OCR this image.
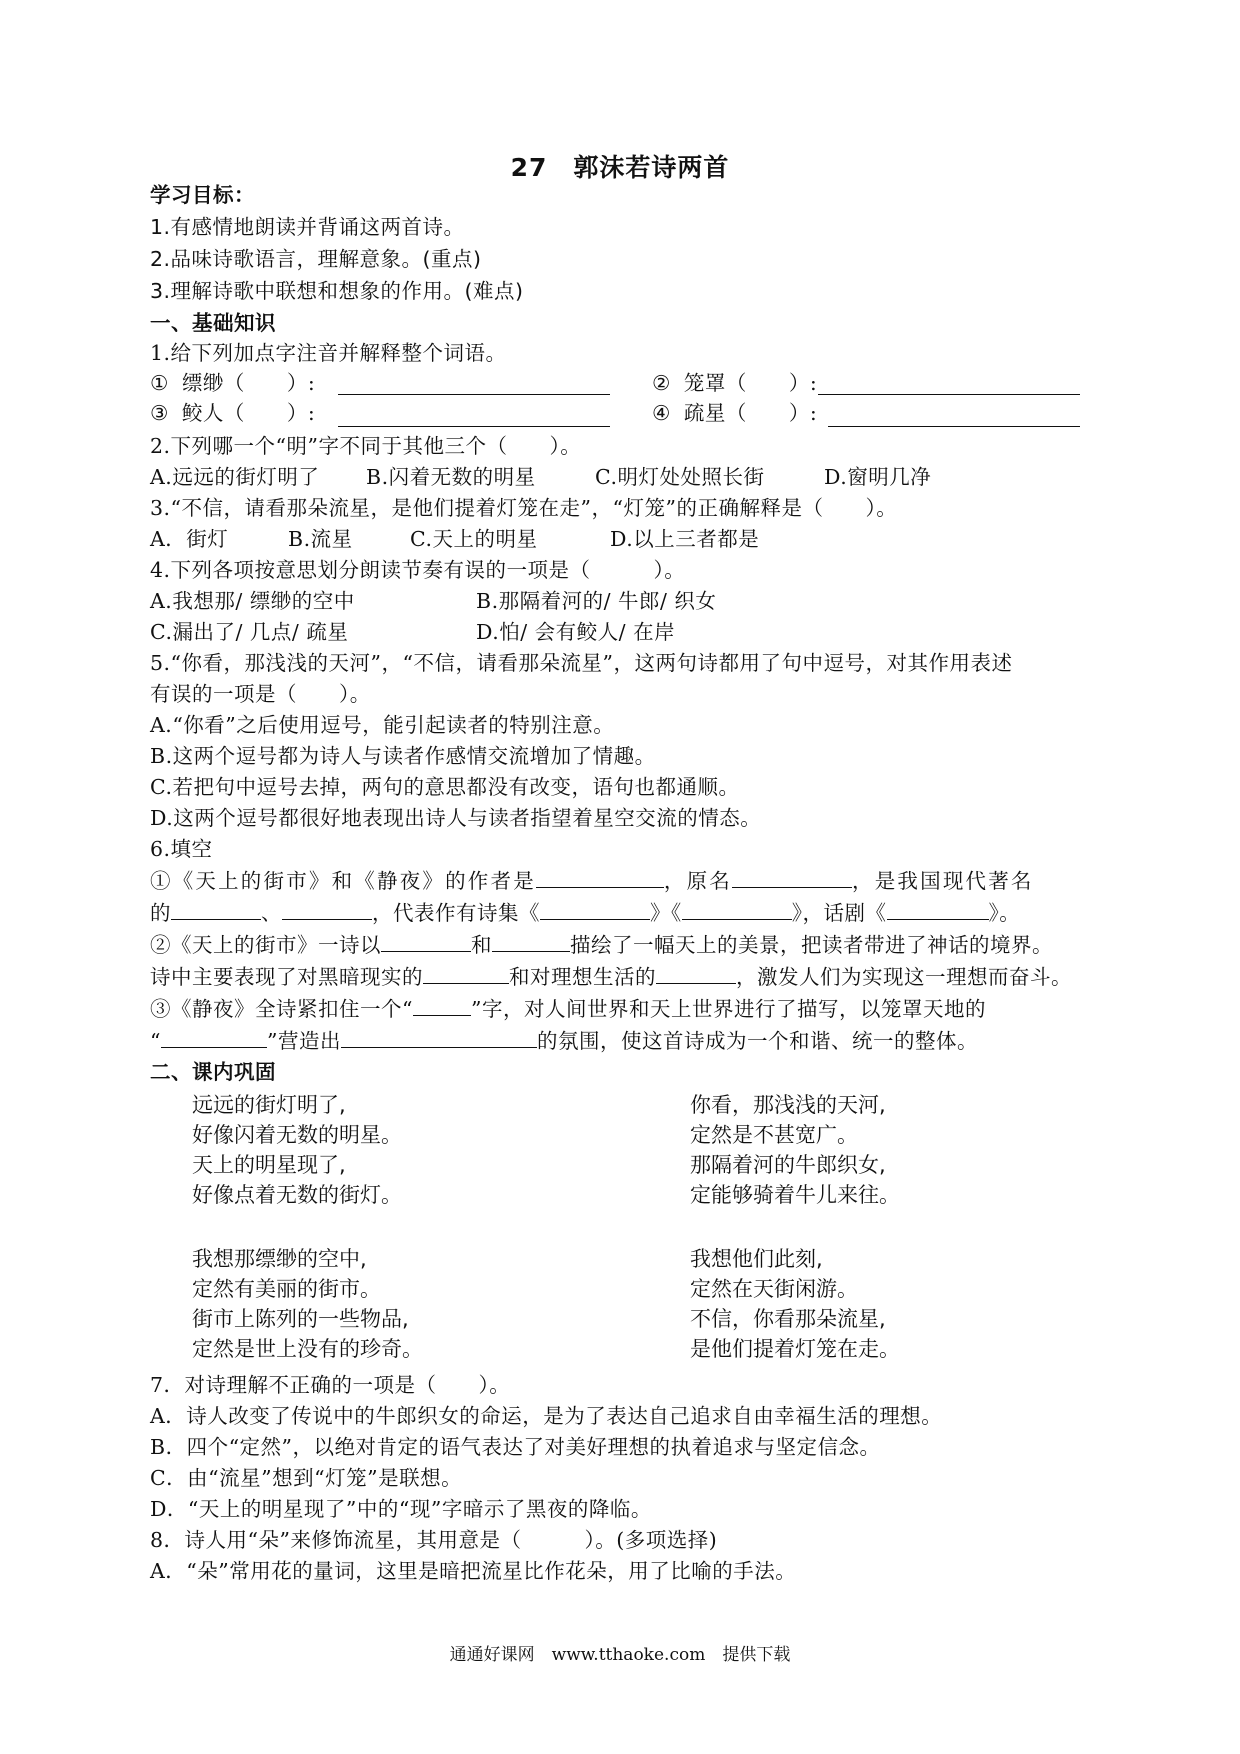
27　郭沫若诗两首
学习目标：
1.有感情地朗读并背诵这两首诗。
2.品味诗歌语言，理解意象。(重点)
3.理解诗歌中联想和想象的作用。(难点)
一、基础知识
1.给下列加点字注音并解释整个词语。
① 缥缈（　　）:	② 笼罩（　　）:
③ 鲛人（　　）:	④ 疏星（　　）:
2.下列哪一个“明”字不同于其他三个（　　）。
A.远远的街灯明了 B.闪着无数的明星	C.明灯处处照长街	D.窗明几净
3.“不信，请看那朵流星，是他们提着灯笼在走”，“灯笼”的正确解释是（　　）。
A．街灯	B.流星	C.天上的明星	D.以上三者都是
4.下列各项按意思划分朗读节奏有误的一项是（　　　）。
A.我想那/ 缥缈的空中	B.那隔着河的/ 牛郎/ 织女
C.漏出了/ 几点/ 疏星	D.怕/ 会有鲛人/ 在岸
5.“你看，那浅浅的天河”，“不信，请看那朵流星”，这两句诗都用了句中逗号，对其作用表述
有误的一项是（　　）。
A.“你看”之后使用逗号，能引起读者的特别注意。
B.这两个逗号都为诗人与读者作感情交流增加了情趣。
C.若把句中逗号去掉，两句的意思都没有改变，语句也都通顺。
D.这两个逗号都很好地表现出诗人与读者指望着星空交流的情态。
6.填空
①《天上的街市》和《静夜》的作者是	，原名	，是我国现代著名
的	、	，代表作有诗集《	》《	》，话剧《	》。
②《天上的街市》一诗以	和	描绘了一幅天上的美景，把读者带进了神话的境界。
诗中主要表现了对黑暗现实的	和对理想生活的	，激发人们为实现这一理想而奋斗。
③《静夜》全诗紧扣住一个“	”字，对人间世界和天上世界进行了描写，以笼罩天地的
“	”营造出	的氛围，使这首诗成为一个和谐、统一的整体。
二、课内巩固
远远的街灯明了,
好像闪着无数的明星。
天上的明星现了,
好像点着无数的街灯。
你看，那浅浅的天河,
定然是不甚宽广。
那隔着河的牛郎织女,
定能够骑着牛儿来往。
我想那缥缈的空中,
定然有美丽的街市。
街市上陈列的一些物品,
定然是世上没有的珍奇。
我想他们此刻,
定然在天街闲游。
不信，你看那朵流星,
是他们提着灯笼在走。
7．对诗理解不正确的一项是（　　）。
A．诗人改变了传说中的牛郎织女的命运，是为了表达自己追求自由幸福生活的理想。
B．四个“定然”，以绝对肯定的语气表达了对美好理想的执着追求与坚定信念。
C．由“流星”想到“灯笼”是联想。
D．“天上的明星现了”中的“现”字暗示了黑夜的降临。
8．诗人用“朵”来修饰流星，其用意是（　　　）。(多项选择)
A．“朵”常用花的量词，这里是暗把流星比作花朵，用了比喻的手法。
通通好课网　www.tthaoke.com　提供下载
